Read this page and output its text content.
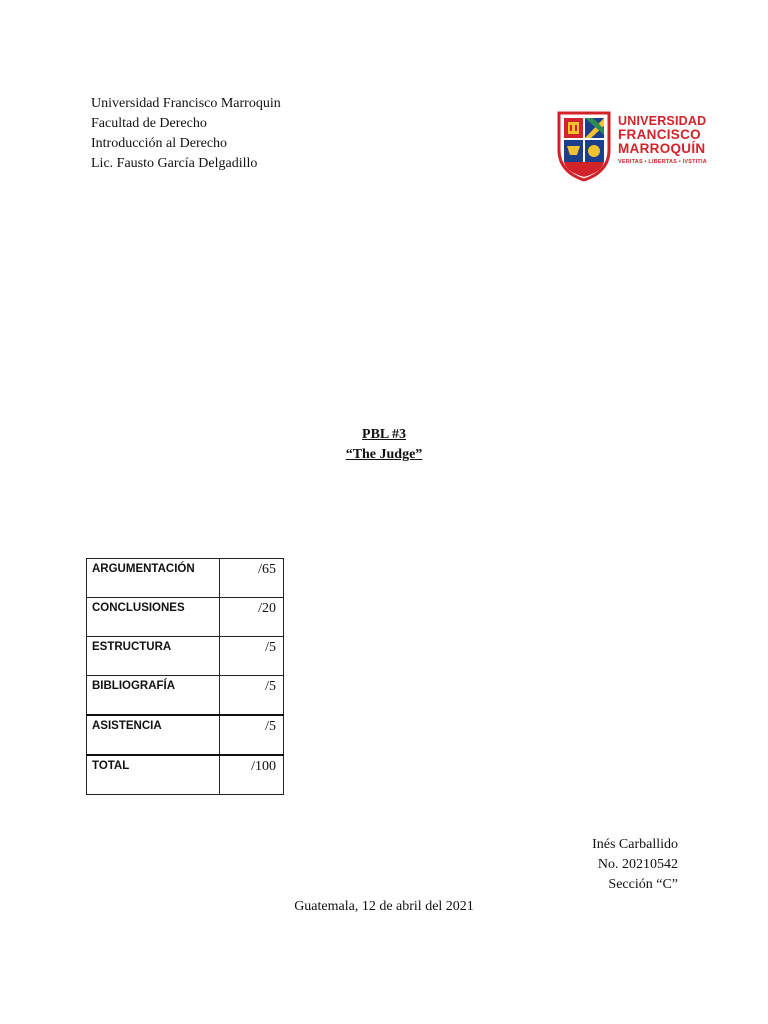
Universidad Francisco Marroquin
Facultad de Derecho
Introducción al Derecho
Lic. Fausto García Delgadillo
UNIVERSIDAD
FRANCISCO
MARROQUÍN
VERITAS • LIBERTAS • IVSTITIA
PBL #3
“The Judge”
ARGUMENTACIÓN	/65
CONCLUSIONES	/20
ESTRUCTURA	/5
BIBLIOGRAFÍA	/5
ASISTENCIA	/5
TOTAL	/100
Inés Carballido
No. 20210542
Sección “C”
Guatemala, 12 de abril del 2021
